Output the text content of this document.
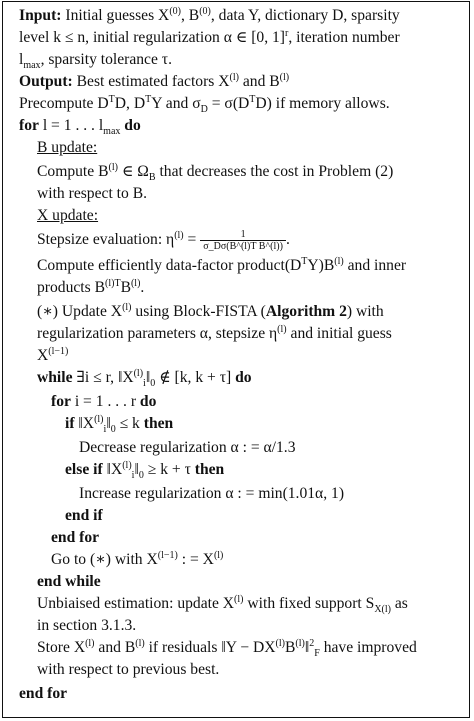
Input: Initial guesses $X^{(0)}$, $B^{(0)}$, data Y, dictionary D, sparsity
level k ≤ n, initial regularization α ∈ [0, 1]$^r$, iteration number
$l_{max}$, sparsity tolerance τ.
Output: Best estimated factors $X^{(l)}$ and $B^{(l)}$
Precompute $D^TD$, $D^TY$ and $\sigma_D = \sigma(D^TD)$ if memory allows.
for l = 1 . . . $l_{max}$ do
B update:
Compute $B^{(l)}$ ∈ $\Omega_B$ that decreases the cost in Problem (2)
with respect to B.
X update:
Stepsize evaluation: $\eta^{(l)} = \frac{1}{\text{σ\_Dσ(B\textasciicircum{}(l)T B\textasciicircum{}(l))}}$ .
Compute efficiently data-factor $product(D^TY)B^{(l)}$ and inner
products $B^{(l)T}B^{(l)}$.
(∗) Update $X^{(l)}$ using Block-FISTA (Algorithm 2) with
regularization parameters α, stepsize $\eta^{(l)}$ and initial guess
$X^{(l-1)}$
while ∃i ≤ r, $‖X^{(l)}_i‖_0$ ∉ [k, k + τ] do
for i = 1 . . . r do
if $‖X^{(l)}_i‖_0 \le k$ then
Decrease regularization α : = α/1.3
else if $‖X^{(l)}_i‖_0 \ge k + \tau$ then
Increase regularization α : = min(1.01α, 1)
end if
end for
Go to (∗) with $X^{(l-1)}$ : = $X^{(l)}$
end while
Unbiaised estimation: update $X^{(l)}$ with fixed support $S_{X(l)}$ as
in section 3.1.3.
Store $X^{(l)}$ and $B^{(l)}$ if residuals ‖Y − $DX^{(l)}B^{(l)}‖^2_F$ have improved
with respect to previous best.
end for
